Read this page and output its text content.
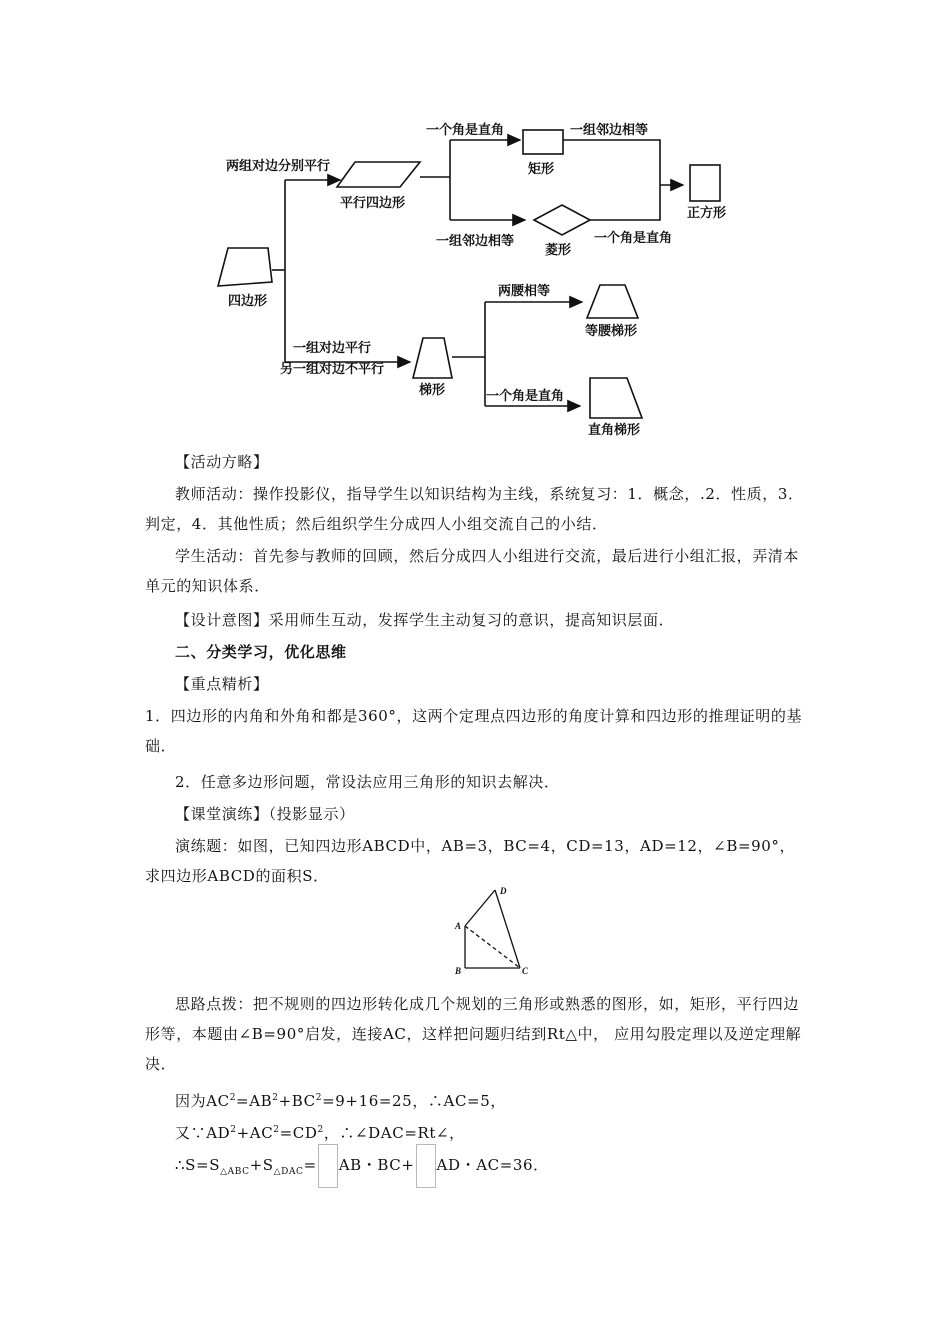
四边形
两组对边分别平行
平行四边形
一个角是直角
矩形
一组邻边相等
一组邻边相等
菱形
一个角是直角
正方形
两腰相等
等腰梯形
一组对边平行
另一组对边不平行
梯形	一个角是直角
直角梯形
【活动方略】
教师活动：操作投影仪，指导学生以知识结构为主线，系统复习：1．概念，.2．性质，3．判定，4．其他性质；然后组织学生分成四人小组交流自己的小结．
学生活动：首先参与教师的回顾，然后分成四人小组进行交流，最后进行小组汇报，弄清本单元的知识体系．
【设计意图】采用师生互动，发挥学生主动复习的意识，提高知识层面．
二、分类学习，优化思维
【重点精析】
1．四边形的内角和外角和都是360°，这两个定理点四边形的角度计算和四边形的推理证明的基础．
2．任意多边形问题，常设法应用三角形的知识去解决．
【课堂演练】（投影显示）
演练题：如图，已知四边形ABCD中，AB=3，BC=4，CD=13，AD=12，∠B=90°，求四边形ABCD的面积S．
D
A
B	C
思路点拨：把不规则的四边形转化成几个规划的三角形或熟悉的图形，如，矩形，平行四边形等，本题由∠B=90°启发，连接AC，这样把问题归结到Rt△中， 应用勾股定理以及逆定理解决．
因为$AC^2=AB^2+BC^2=9+16=25$，∴AC=5，
又$\because AD^2+AC^2=CD^2$，∴∠DAC=Rt∠，
$\therefore S=S_{\triangle ABC}+S_{\triangle DAC}=$ AB・BC+ AD・AC=36．
